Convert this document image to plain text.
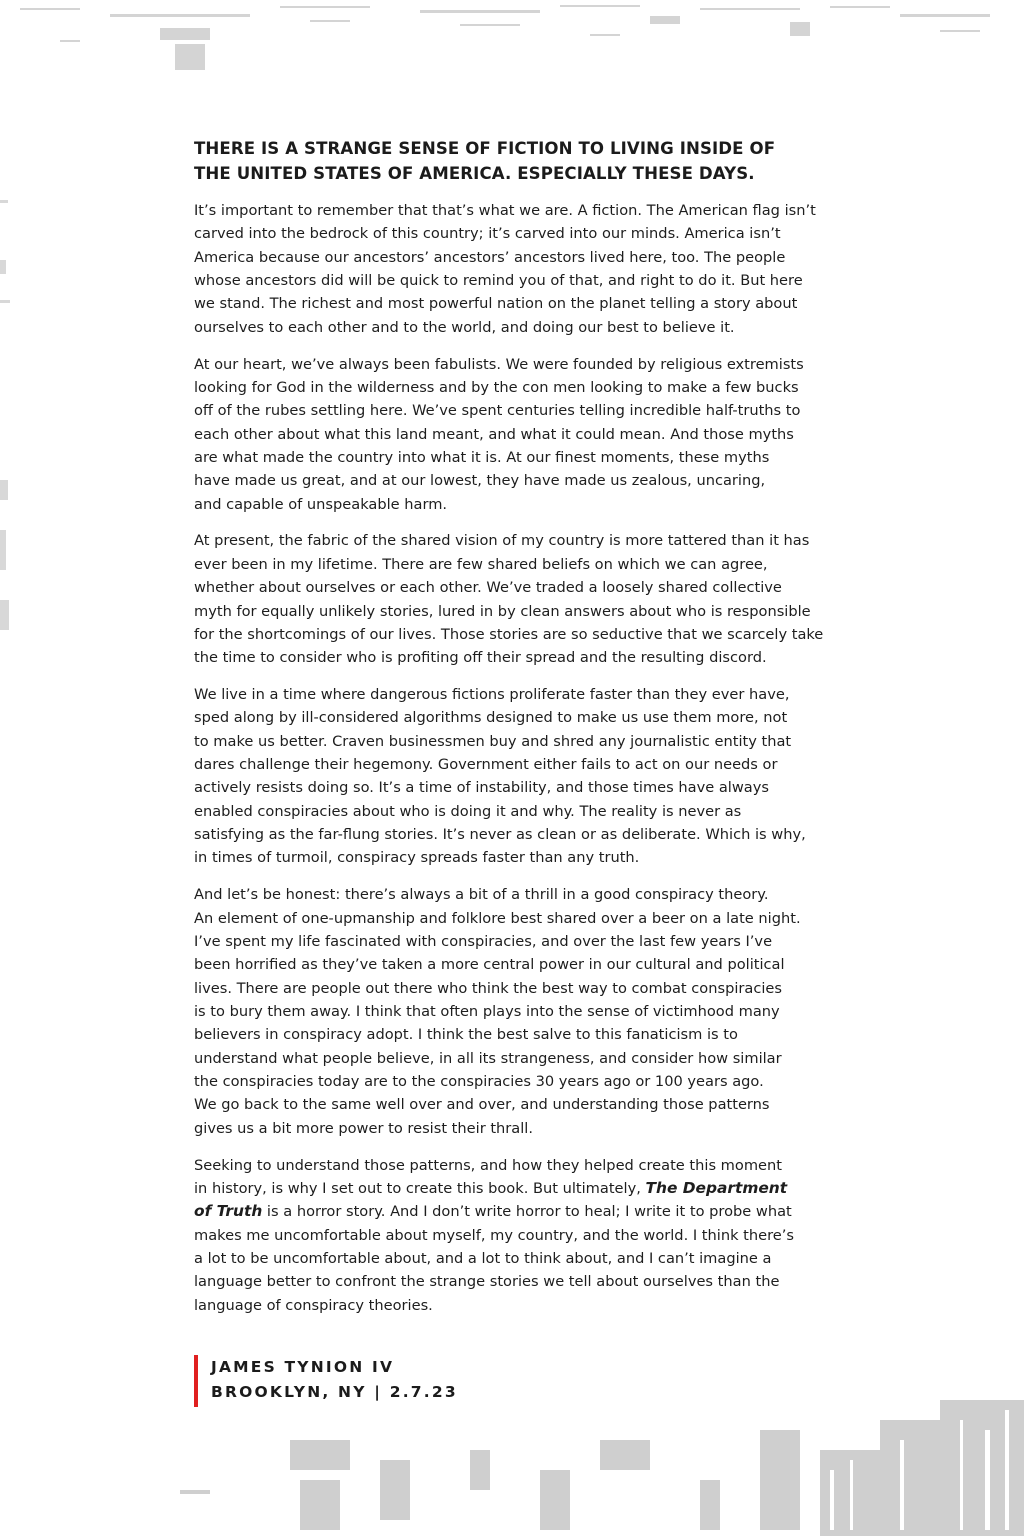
THERE IS A STRANGE SENSE OF FICTION TO LIVING INSIDE OF
THE UNITED STATES OF AMERICA. ESPECIALLY THESE DAYS.

It’s important to remember that that’s what we are. A fiction. The American flag isn’t
carved into the bedrock of this country; it’s carved into our minds. America isn’t
America because our ancestors’ ancestors’ ancestors lived here, too. The people
whose ancestors did will be quick to remind you of that, and right to do it. But here
we stand. The richest and most powerful nation on the planet telling a story about
ourselves to each other and to the world, and doing our best to believe it.

At our heart, we’ve always been fabulists. We were founded by religious extremists
looking for God in the wilderness and by the con men looking to make a few bucks
off of the rubes settling here. We’ve spent centuries telling incredible half-truths to
each other about what this land meant, and what it could mean. And those myths
are what made the country into what it is. At our finest moments, these myths
have made us great, and at our lowest, they have made us zealous, uncaring,
and capable of unspeakable harm.

At present, the fabric of the shared vision of my country is more tattered than it has
ever been in my lifetime. There are few shared beliefs on which we can agree,
whether about ourselves or each other. We’ve traded a loosely shared collective
myth for equally unlikely stories, lured in by clean answers about who is responsible
for the shortcomings of our lives. Those stories are so seductive that we scarcely take
the time to consider who is profiting off their spread and the resulting discord.

We live in a time where dangerous fictions proliferate faster than they ever have,
sped along by ill-considered algorithms designed to make us use them more, not
to make us better. Craven businessmen buy and shred any journalistic entity that
dares challenge their hegemony. Government either fails to act on our needs or
actively resists doing so. It’s a time of instability, and those times have always
enabled conspiracies about who is doing it and why. The reality is never as
satisfying as the far-flung stories. It’s never as clean or as deliberate. Which is why,
in times of turmoil, conspiracy spreads faster than any truth.

And let’s be honest: there’s always a bit of a thrill in a good conspiracy theory.
An element of one-upmanship and folklore best shared over a beer on a late night.
I’ve spent my life fascinated with conspiracies, and over the last few years I’ve
been horrified as they’ve taken a more central power in our cultural and political
lives. There are people out there who think the best way to combat conspiracies
is to bury them away. I think that often plays into the sense of victimhood many
believers in conspiracy adopt. I think the best salve to this fanaticism is to
understand what people believe, in all its strangeness, and consider how similar
the conspiracies today are to the conspiracies 30 years ago or 100 years ago.
We go back to the same well over and over, and understanding those patterns
gives us a bit more power to resist their thrall.

Seeking to understand those patterns, and how they helped create this moment
in history, is why I set out to create this book. But ultimately, The Department
of Truth is a horror story. And I don’t write horror to heal; I write it to probe what
makes me uncomfortable about myself, my country, and the world. I think there’s
a lot to be uncomfortable about, and a lot to think about, and I can’t imagine a
language better to confront the strange stories we tell about ourselves than the
language of conspiracy theories.

JAMES TYNION IV
BROOKLYN, NY | 2.7.23
